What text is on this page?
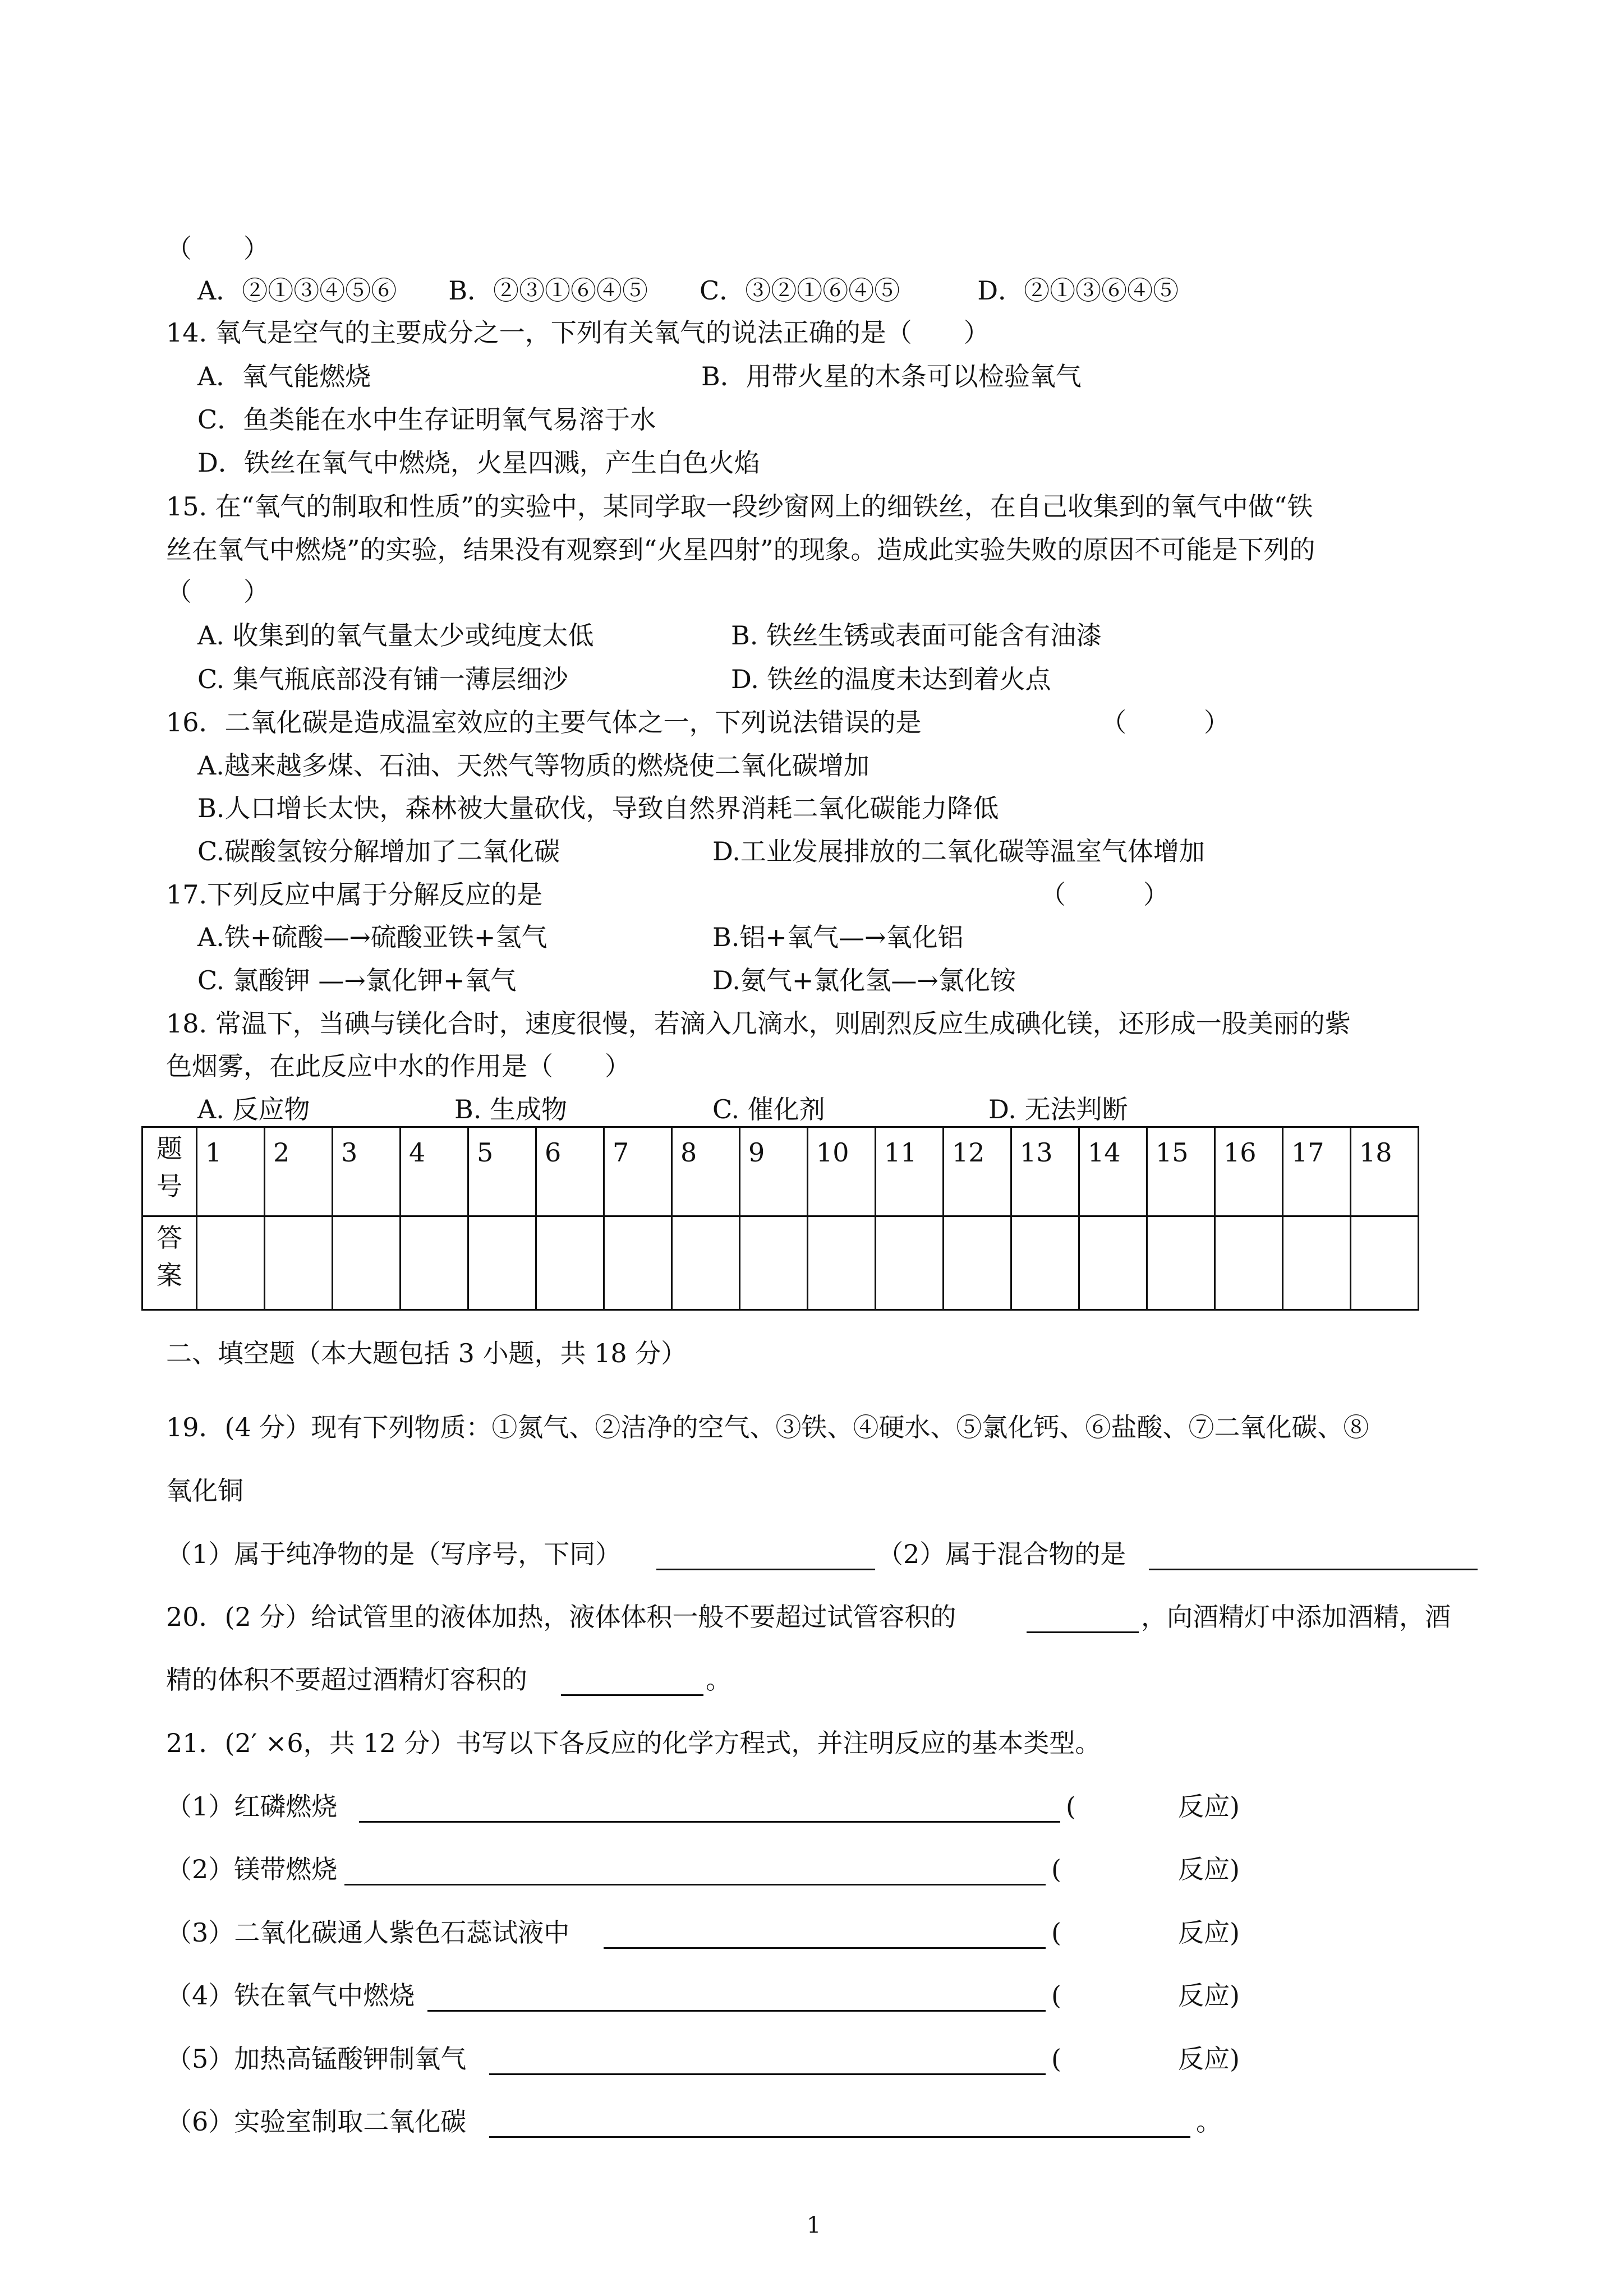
（　　）
A．②①③④⑤⑥　　B．②③①⑥④⑤　　C．③②①⑥④⑤　　　D．②①③⑥④⑤
14. 氧气是空气的主要成分之一，下列有关氧气的说法正确的是（　　）
A．氧气能燃烧	B．用带火星的木条可以检验氧气
C．鱼类能在水中生存证明氧气易溶于水
D．铁丝在氧气中燃烧，火星四溅，产生白色火焰
15. 在“氧气的制取和性质”的实验中，某同学取一段纱窗网上的细铁丝，在自己收集到的氧气中做“铁
丝在氧气中燃烧”的实验，结果没有观察到“火星四射”的现象。造成此实验失败的原因不可能是下列的
（　　）
A. 收集到的氧气量太少或纯度太低	B. 铁丝生锈或表面可能含有油漆
C. 集气瓶底部没有铺一薄层细沙	D. 铁丝的温度未达到着火点
16．二氧化碳是造成温室效应的主要气体之一，下列说法错误的是	（　　　）
A.越来越多煤、石油、天然气等物质的燃烧使二氧化碳增加
B.人口增长太快，森林被大量砍伐，导致自然界消耗二氧化碳能力降低
C.碳酸氢铵分解增加了二氧化碳	D.工业发展排放的二氧化碳等温室气体增加
17.下列反应中属于分解反应的是	（　　　）
A.铁+硫酸—→硫酸亚铁+氢气	B.铝+氧气—→氧化铝
C. 氯酸钾 —→氯化钾+氧气	D.氨气+氯化氢—→氯化铵
18. 常温下，当碘与镁化合时，速度很慢，若滴入几滴水，则剧烈反应生成碘化镁，还形成一股美丽的紫
色烟雾，在此反应中水的作用是（　　）
A. 反应物	B. 生成物	C. 催化剂	D. 无法判断
题
号	1	2	3	4	5	6	7	8	9	10	11	12	13	14	15	16	17	18
答
案																		
二、填空题（本大题包括 3 小题，共 18 分）
19．(4 分）现有下列物质：①氮气、②洁净的空气、③铁、④硬水、⑤氯化钙、⑥盐酸、⑦二氧化碳、⑧
氧化铜
（1）属于纯净物的是（写序号，下同）	（2）属于混合物的是
20．(2 分）给试管里的液体加热，液体体积一般不要超过试管容积的	，向酒精灯中添加酒精，酒
精的体积不要超过酒精灯容积的	。
21．(2′ ×6，共 12 分）书写以下各反应的化学方程式，并注明反应的基本类型。
（1）红磷燃烧	(	反应)
（2）镁带燃烧	(	反应)
（3）二氧化碳通人紫色石蕊试液中	(	反应)
（4）铁在氧气中燃烧	(	反应)
（5）加热高锰酸钾制氧气	(	反应)
（6）实验室制取二氧化碳	。
1
